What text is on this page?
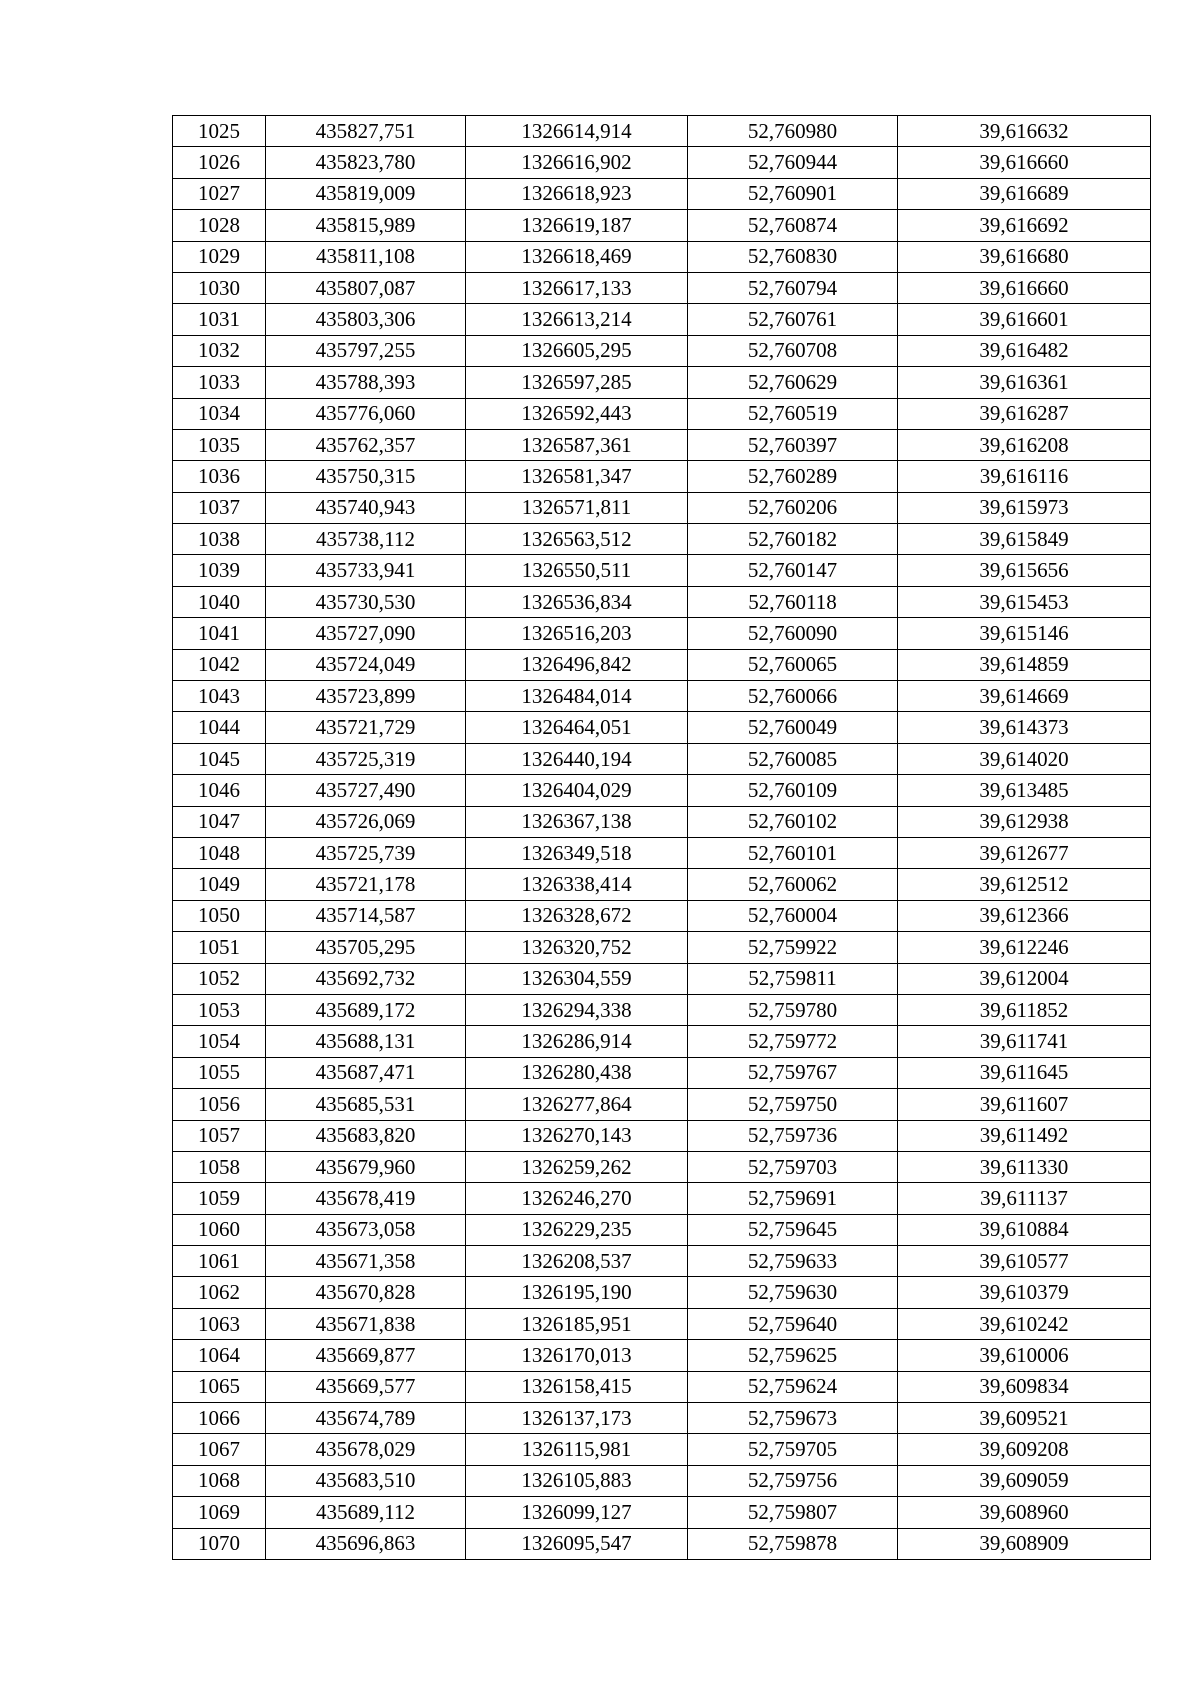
1025	435827,751	1326614,914	52,760980	39,616632
1026	435823,780	1326616,902	52,760944	39,616660
1027	435819,009	1326618,923	52,760901	39,616689
1028	435815,989	1326619,187	52,760874	39,616692
1029	435811,108	1326618,469	52,760830	39,616680
1030	435807,087	1326617,133	52,760794	39,616660
1031	435803,306	1326613,214	52,760761	39,616601
1032	435797,255	1326605,295	52,760708	39,616482
1033	435788,393	1326597,285	52,760629	39,616361
1034	435776,060	1326592,443	52,760519	39,616287
1035	435762,357	1326587,361	52,760397	39,616208
1036	435750,315	1326581,347	52,760289	39,616116
1037	435740,943	1326571,811	52,760206	39,615973
1038	435738,112	1326563,512	52,760182	39,615849
1039	435733,941	1326550,511	52,760147	39,615656
1040	435730,530	1326536,834	52,760118	39,615453
1041	435727,090	1326516,203	52,760090	39,615146
1042	435724,049	1326496,842	52,760065	39,614859
1043	435723,899	1326484,014	52,760066	39,614669
1044	435721,729	1326464,051	52,760049	39,614373
1045	435725,319	1326440,194	52,760085	39,614020
1046	435727,490	1326404,029	52,760109	39,613485
1047	435726,069	1326367,138	52,760102	39,612938
1048	435725,739	1326349,518	52,760101	39,612677
1049	435721,178	1326338,414	52,760062	39,612512
1050	435714,587	1326328,672	52,760004	39,612366
1051	435705,295	1326320,752	52,759922	39,612246
1052	435692,732	1326304,559	52,759811	39,612004
1053	435689,172	1326294,338	52,759780	39,611852
1054	435688,131	1326286,914	52,759772	39,611741
1055	435687,471	1326280,438	52,759767	39,611645
1056	435685,531	1326277,864	52,759750	39,611607
1057	435683,820	1326270,143	52,759736	39,611492
1058	435679,960	1326259,262	52,759703	39,611330
1059	435678,419	1326246,270	52,759691	39,611137
1060	435673,058	1326229,235	52,759645	39,610884
1061	435671,358	1326208,537	52,759633	39,610577
1062	435670,828	1326195,190	52,759630	39,610379
1063	435671,838	1326185,951	52,759640	39,610242
1064	435669,877	1326170,013	52,759625	39,610006
1065	435669,577	1326158,415	52,759624	39,609834
1066	435674,789	1326137,173	52,759673	39,609521
1067	435678,029	1326115,981	52,759705	39,609208
1068	435683,510	1326105,883	52,759756	39,609059
1069	435689,112	1326099,127	52,759807	39,608960
1070	435696,863	1326095,547	52,759878	39,608909
